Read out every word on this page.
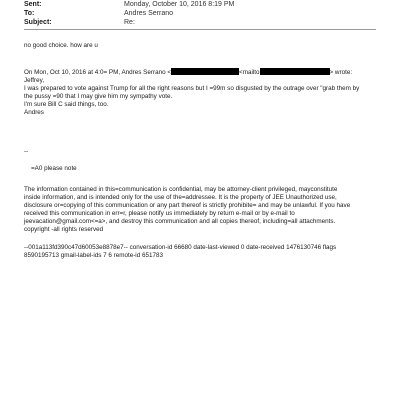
Sent:	Monday, October 10, 2016 8:19 PM
To:	Andres Serrano
Subject:	Re:
no good choice. how are u
On Mon, Oct 10, 2016 at 4:0= PM, Andres Serrano <	<mailto	> wrote:
Jeffrey,
I was prepared to vote against Trump for all the right reasons but I =99m so disgusted by the outrage over "grab them by
the pussy =90 that I may give him my sympathy vote.
I'm sure Bill C said things, too.
Andres
--
=A0 please note
The information contained in this=communication is confidential, may be attorney-client privileged, mayconstitute
inside information, and is intended only for the use of the=addressee. It is the property of JEE Unauthorized use,
disclosure or=copying of this communication or any part thereof is strictly prohibite= and may be unlawful. If you have
received this communication in err=r, please notify us immediately by return e-mail or by e-mail to
jeevacation@gmail.com<=a>, and destroy this communication and all copies thereof, including=all attachments.
copyright -all rights reserved
--001a113fd390c47d60053e8878e7-- conversation-id 66680 date-last-viewed 0 date-received 1476130746 flags
8590195713 gmail-label-ids 7 6 remote-id 651783
